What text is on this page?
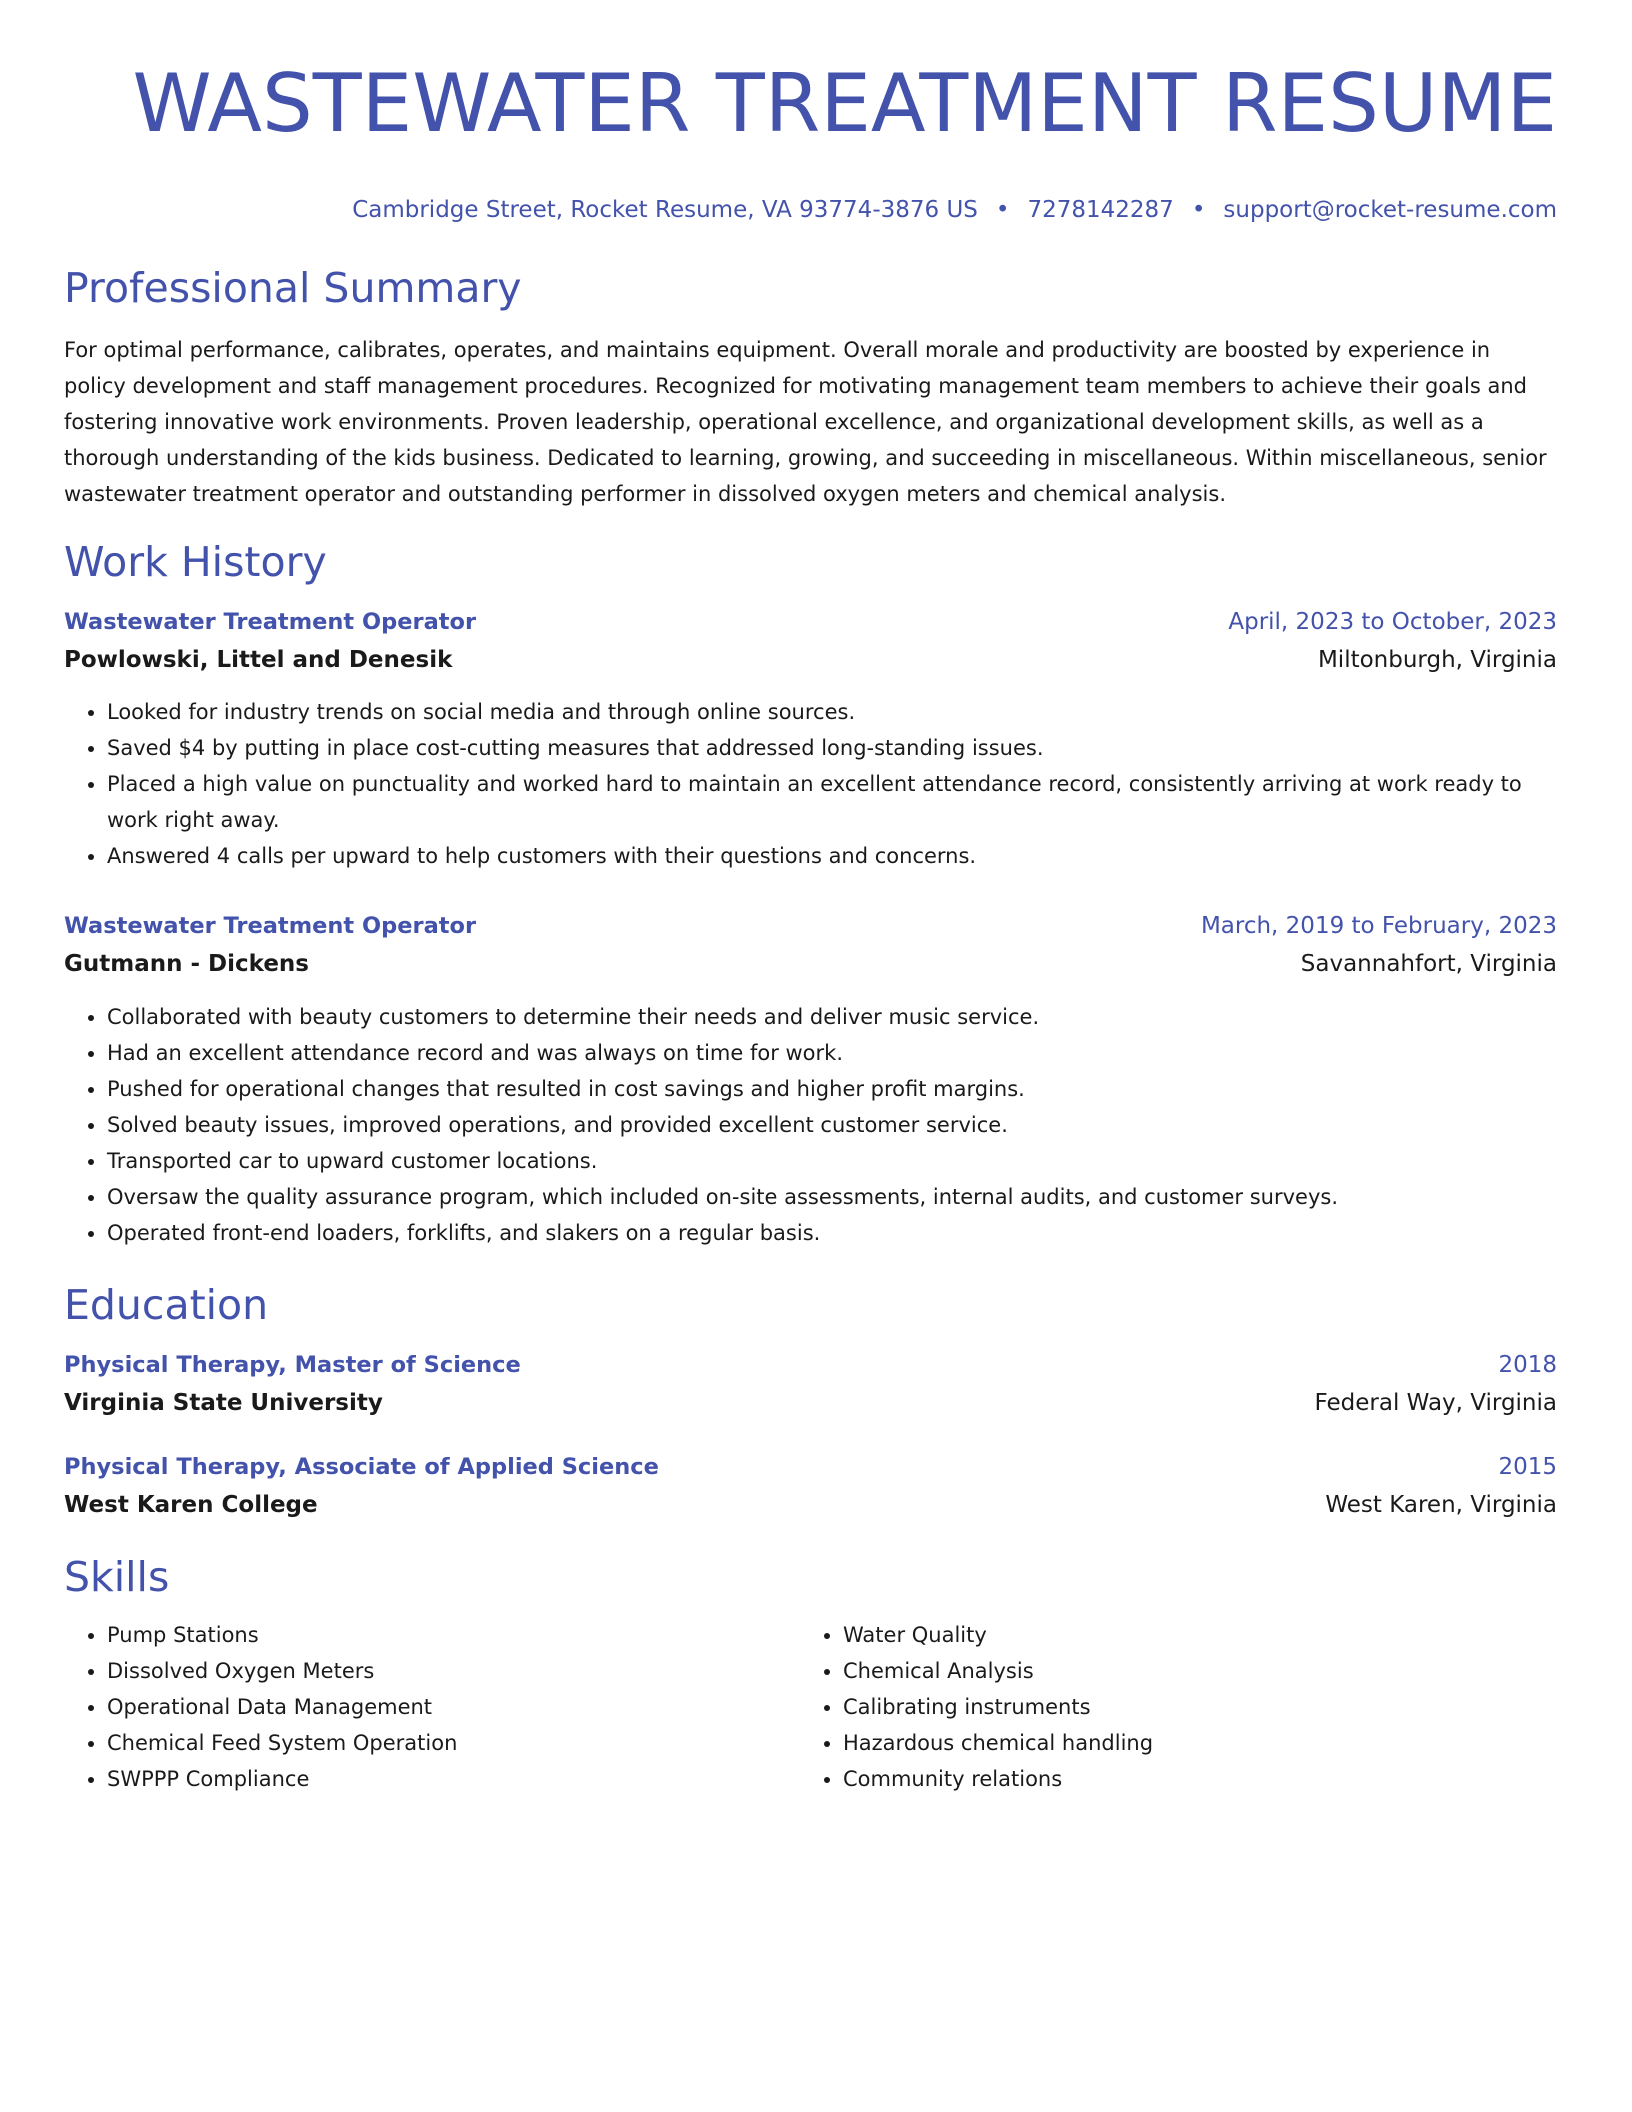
WASTEWATER TREATMENT RESUME
Cambridge Street, Rocket Resume, VA 93774-3876 US • 7278142287 • support@rocket-resume.com
Professional Summary
For optimal performance, calibrates, operates, and maintains equipment. Overall morale and productivity are boosted by experience in policy development and staff management procedures. Recognized for motivating management team members to achieve their goals and fostering innovative work environments. Proven leadership, operational excellence, and organizational development skills, as well as a thorough understanding of the kids business. Dedicated to learning, growing, and succeeding in miscellaneous. Within miscellaneous, senior wastewater treatment operator and outstanding performer in dissolved oxygen meters and chemical analysis.
Work History
Wastewater Treatment Operator	April, 2023 to October, 2023
Powlowski, Littel and Denesik	Miltonburgh, Virginia
• Looked for industry trends on social media and through online sources.
• Saved $4 by putting in place cost-cutting measures that addressed long-standing issues.
• Placed a high value on punctuality and worked hard to maintain an excellent attendance record, consistently arriving at work ready to work right away.
• Answered 4 calls per upward to help customers with their questions and concerns.
Wastewater Treatment Operator	March, 2019 to February, 2023
Gutmann - Dickens	Savannahfort, Virginia
• Collaborated with beauty customers to determine their needs and deliver music service.
• Had an excellent attendance record and was always on time for work.
• Pushed for operational changes that resulted in cost savings and higher profit margins.
• Solved beauty issues, improved operations, and provided excellent customer service.
• Transported car to upward customer locations.
• Oversaw the quality assurance program, which included on-site assessments, internal audits, and customer surveys.
• Operated front-end loaders, forklifts, and slakers on a regular basis.
Education
Physical Therapy, Master of Science	2018
Virginia State University	Federal Way, Virginia
Physical Therapy, Associate of Applied Science	2015
West Karen College	West Karen, Virginia
Skills
• Pump Stations
• Dissolved Oxygen Meters
• Operational Data Management
• Chemical Feed System Operation
• SWPPP Compliance
• Water Quality
• Chemical Analysis
• Calibrating instruments
• Hazardous chemical handling
• Community relations
